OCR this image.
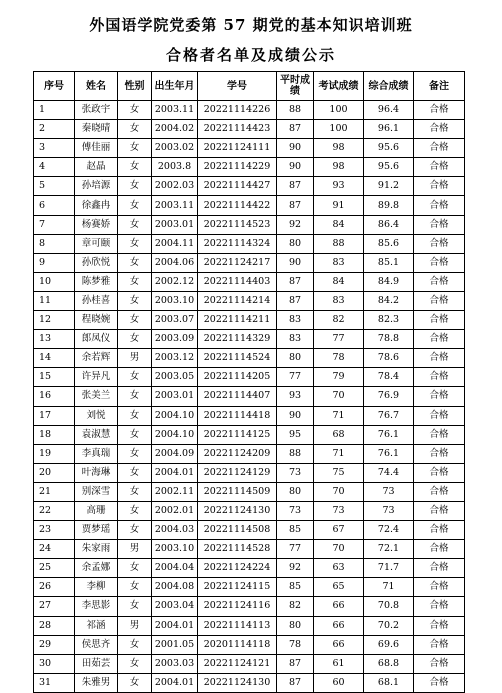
外国语学院党委第 57 期党的基本知识培训班
合格者名单及成绩公示
序号	姓名	性别	出生年月	学号	平时成绩	考试成绩	综合成绩	备注
1	张政宇	女	2003.11	20221114226	88	100	96.4	合格
2	秦晓晴	女	2004.02	20221114423	87	100	96.1	合格
3	傅佳丽	女	2003.02	20221124111	90	98	95.6	合格
4	赵晶	女	2003.8	20221114229	90	98	95.6	合格
5	孙培源	女	2002.03	20221114427	87	93	91.2	合格
6	徐鑫冉	女	2003.11	20221114422	87	91	89.8	合格
7	杨赛娇	女	2003.01	20221114523	92	84	86.4	合格
8	章可颐	女	2004.11	20221114324	80	88	85.6	合格
9	孙欣悦	女	2004.06	20221124217	90	83	85.1	合格
10	陈梦雅	女	2002.12	20221114403	87	84	84.9	合格
11	孙桂喜	女	2003.10	20221114214	87	83	84.2	合格
12	程晓婉	女	2003.07	20221114211	83	82	82.3	合格
13	郎凤仪	女	2003.09	20221114329	83	77	78.8	合格
14	余若辉	男	2003.12	20221114524	80	78	78.6	合格
15	许异凡	女	2003.05	20221114205	77	79	78.4	合格
16	张美兰	女	2003.01	20221114407	93	70	76.9	合格
17	刘悦	女	2004.10	20221114418	90	71	76.7	合格
18	袁淑慧	女	2004.10	20221114125	95	68	76.1	合格
19	李真瑞	女	2004.09	20221124209	88	71	76.1	合格
20	叶海琳	女	2004.01	20221124129	73	75	74.4	合格
21	别深雪	女	2002.11	20221114509	80	70	73	合格
22	高珊	女	2002.01	20221124130	73	73	73	合格
23	贾梦瑶	女	2004.03	20221114508	85	67	72.4	合格
24	朱家雨	男	2003.10	20221114528	77	70	72.1	合格
25	余孟娜	女	2004.04	20221124224	92	63	71.7	合格
26	李柳	女	2004.08	20221124115	85	65	71	合格
27	李思影	女	2003.04	20221124116	82	66	70.8	合格
28	祁涵	男	2004.01	20221114113	80	66	70.2	合格
29	侯思齐	女	2001.05	20201114118	78	66	69.6	合格
30	田茹芸	女	2003.03	20221124121	87	61	68.8	合格
31	朱雅男	女	2004.01	20221124130	87	60	68.1	合格
